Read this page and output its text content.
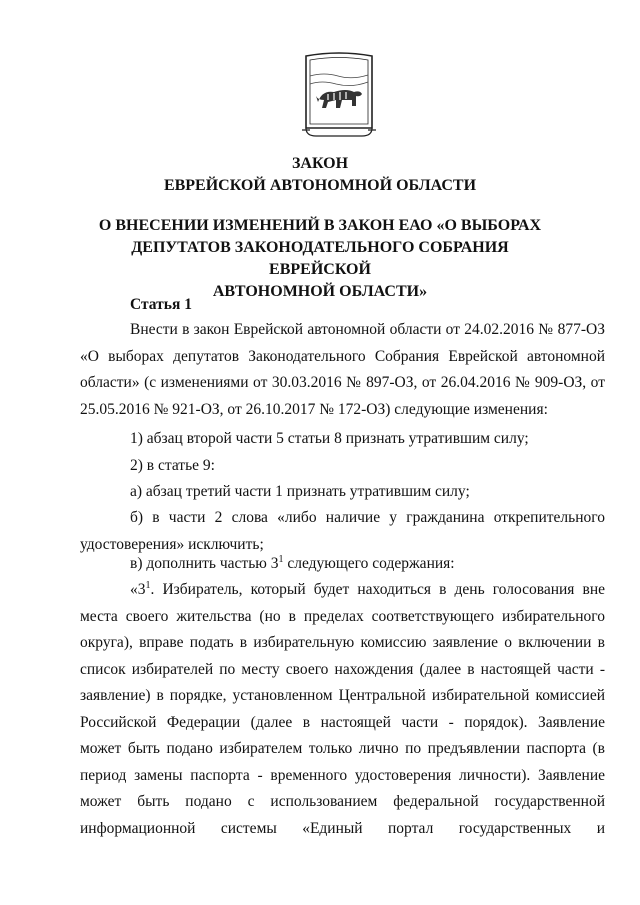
ЗАКОН
ЕВРЕЙСКОЙ АВТОНОМНОЙ ОБЛАСТИ
О ВНЕСЕНИИ ИЗМЕНЕНИЙ В ЗАКОН ЕАО «О ВЫБОРАХ
ДЕПУТАТОВ ЗАКОНОДАТЕЛЬНОГО СОБРАНИЯ ЕВРЕЙСКОЙ
АВТОНОМНОЙ ОБЛАСТИ»
Статья 1
Внести в закон Еврейской автономной области от 24.02.2016 № 877-ОЗ
«О выборах депутатов Законодательного Собрания Еврейской автономной
области» (с изменениями от 30.03.2016 № 897-ОЗ, от 26.04.2016 № 909-ОЗ, от
25.05.2016 № 921-ОЗ, от 26.10.2017 № 172-ОЗ) следующие изменения:
1) абзац второй части 5 статьи 8 признать утратившим силу;
2) в статье 9:
а) абзац третий части 1 признать утратившим силу;
б) в части 2 слова «либо наличие у гражданина открепительного
удостоверения» исключить;
в) дополнить частью $3^1$ следующего содержания:
«$3^1$. Избиратель, который будет находиться в день голосования вне
места своего жительства (но в пределах соответствующего избирательного
округа), вправе подать в избирательную комиссию заявление о включении в
список избирателей по месту своего нахождения (далее в настоящей части -
заявление) в порядке, установленном Центральной избирательной комиссией
Российской Федерации (далее в настоящей части - порядок). Заявление
может быть подано избирателем только лично по предъявлении паспорта (в
период замены паспорта - временного удостоверения личности). Заявление
может быть подано с использованием федеральной государственной
информационной системы «Единый портал государственных и
